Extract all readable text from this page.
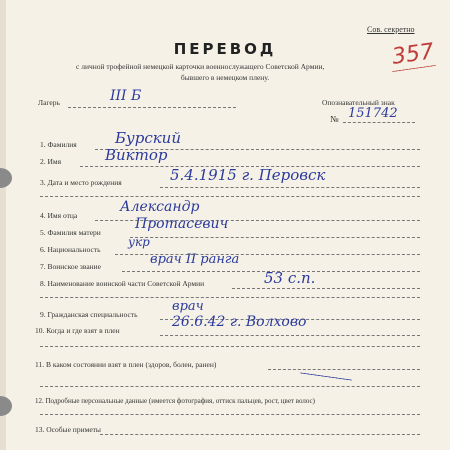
Сов. секретно
357
ПЕРЕВОД
с личной трофейной немецкой карточки военнослужащего Советской Армии,
бывшего в немецком плену.
Лагерь	III Б	Опознавательный знак
№ 151742
1. Фамилия	Бурский
2. Имя	Виктор
3. Дата и место рождения	5.4.1915 г. Перовск
4. Имя отца
Александр
5. Фамилия матери
Протасевич
6. Национальность
укр
7. Воинское звание	врач II ранга
8. Наименование воинской части Советской Армии	53 с.п.
9. Гражданская специальность
врач
10. Когда и где взят в плен
26.6.42 г. Волхово
11. В каком состоянии взят в плен (здоров, болен, ранен)
12. Подробные персональные данные (имеется фотография, оттиск пальцев, рост, цвет волос)
13. Особые приметы
